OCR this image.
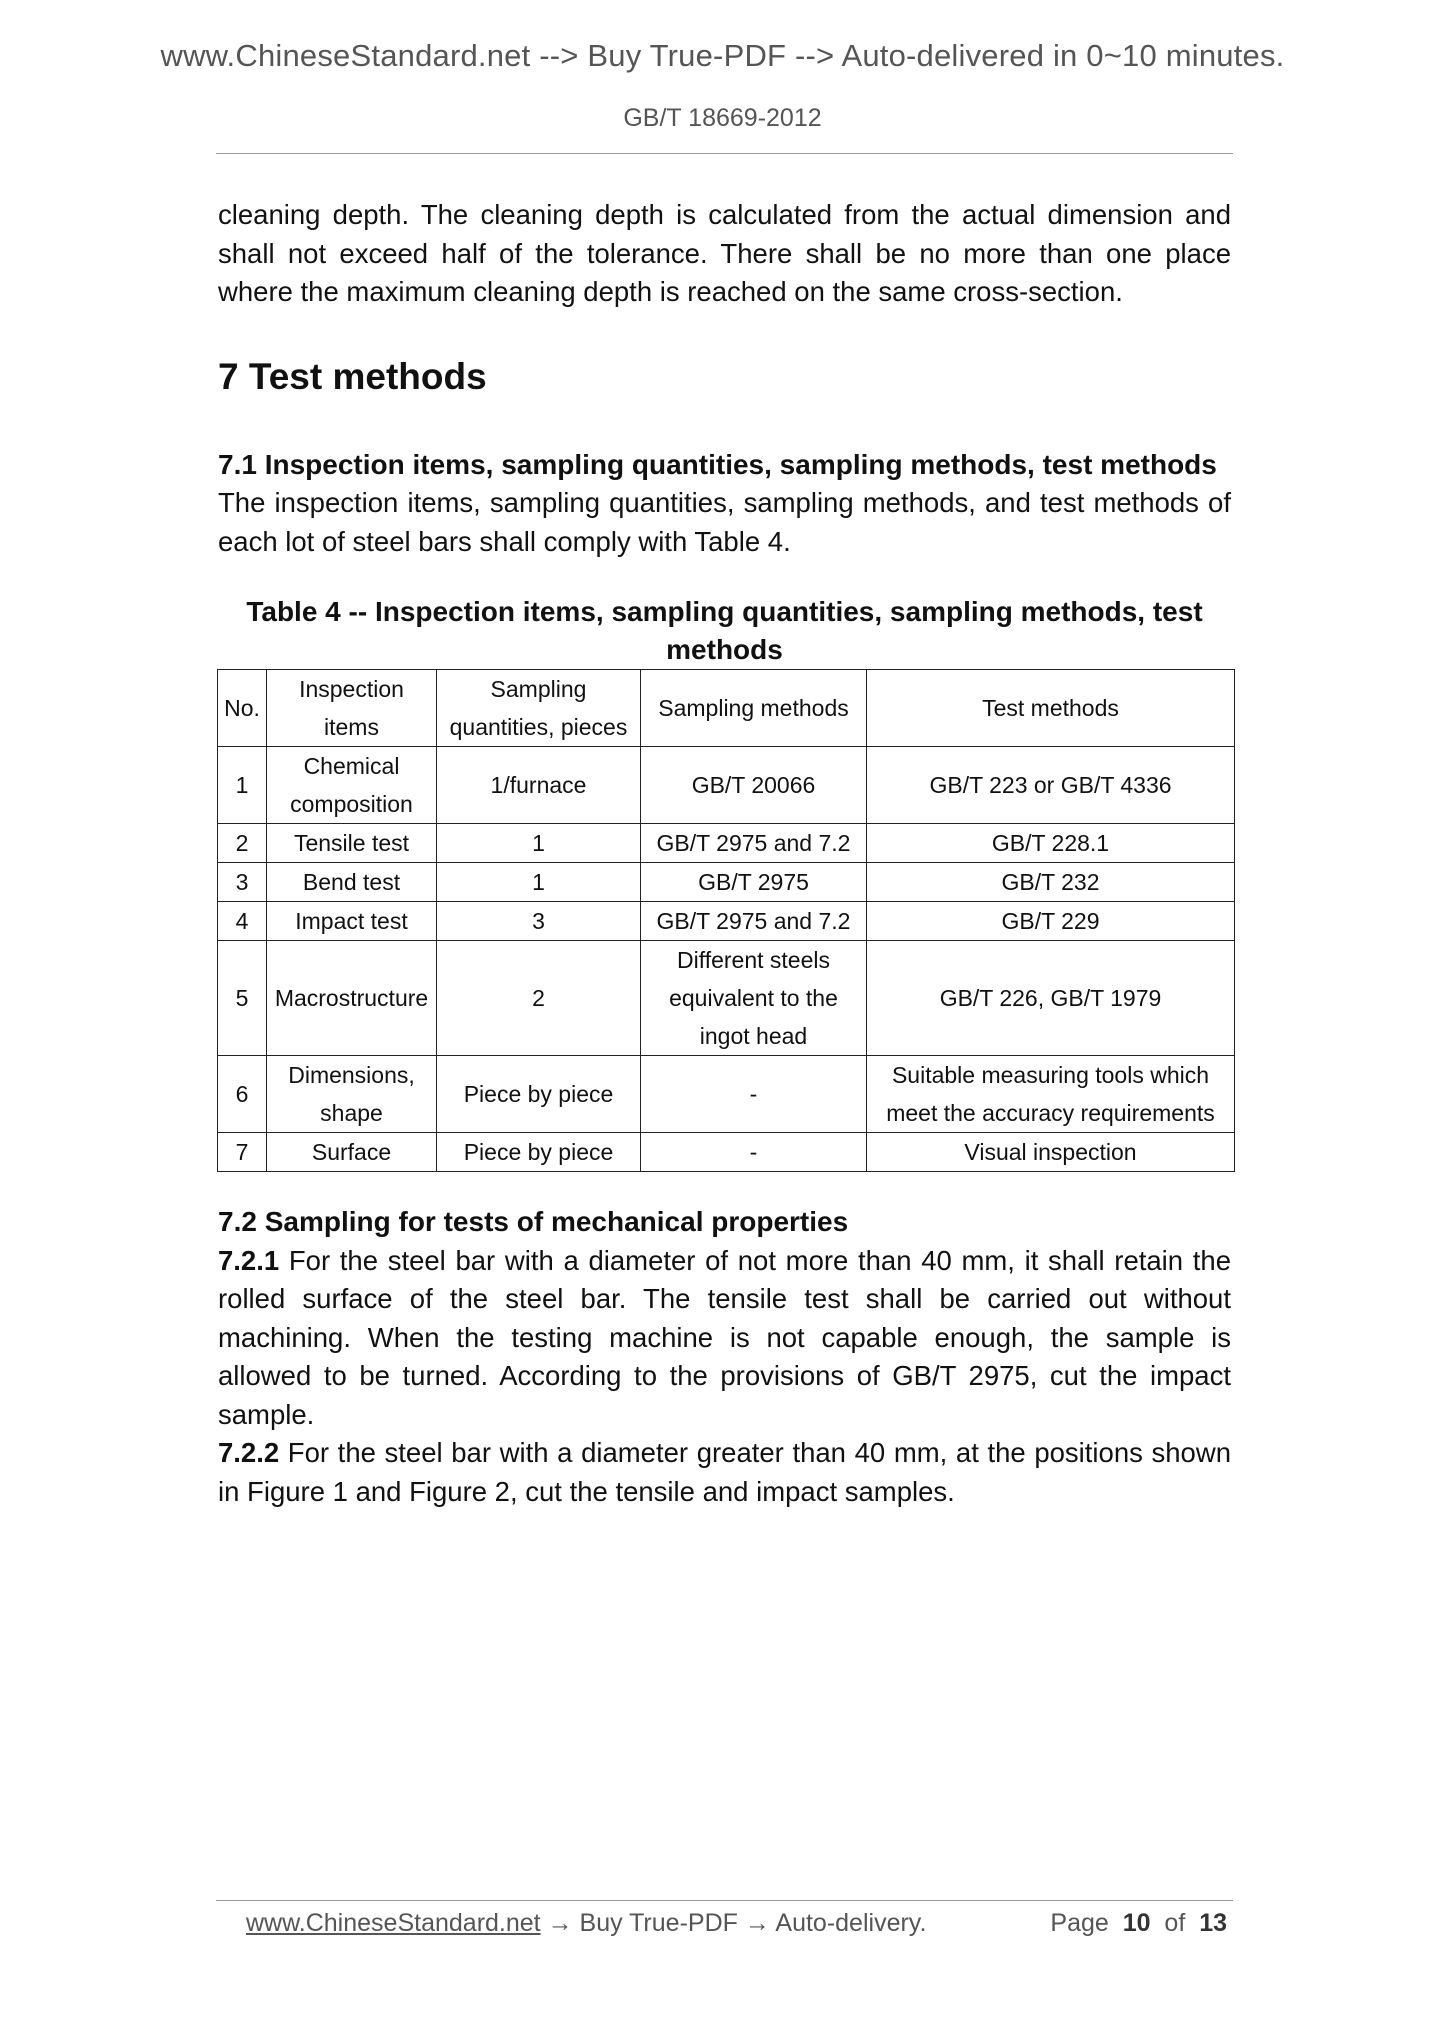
www.ChineseStandard.net --> Buy True-PDF --> Auto-delivered in 0~10 minutes.
GB/T 18669-2012

cleaning depth. The cleaning depth is calculated from the actual dimension and shall not exceed half of the tolerance. There shall be no more than one place where the maximum cleaning depth is reached on the same cross-section.

7 Test methods
7.1 Inspection items, sampling quantities, sampling methods, test methods

The inspection items, sampling quantities, sampling methods, and test methods of each lot of steel bars shall comply with Table 4.

Table 4 -- Inspection items, sampling quantities, sampling methods, test methods
No.	Inspection items	Sampling quantities, pieces	Sampling methods	Test methods
1	Chemical composition	1/furnace	GB/T 20066	GB/T 223 or GB/T 4336
2	Tensile test	1	GB/T 2975 and 7.2	GB/T 228.1
3	Bend test	1	GB/T 2975	GB/T 232
4	Impact test	3	GB/T 2975 and 7.2	GB/T 229
5	Macrostructure	2	Different steels equivalent to the ingot head	GB/T 226, GB/T 1979
6	Dimensions, shape	Piece by piece	-	Suitable measuring tools which meet the accuracy requirements
7	Surface	Piece by piece	-	Visual inspection
7.2 Sampling for tests of mechanical properties

7.2.1 For the steel bar with a diameter of not more than 40 mm, it shall retain the rolled surface of the steel bar. The tensile test shall be carried out without machining. When the testing machine is not capable enough, the sample is allowed to be turned. According to the provisions of GB/T 2975, cut the impact sample.

7.2.2 For the steel bar with a diameter greater than 40 mm, at the positions shown in Figure 1 and Figure 2, cut the tensile and impact samples.

www.ChineseStandard.net → Buy True-PDF → Auto-delivery.	Page 10 of 13
